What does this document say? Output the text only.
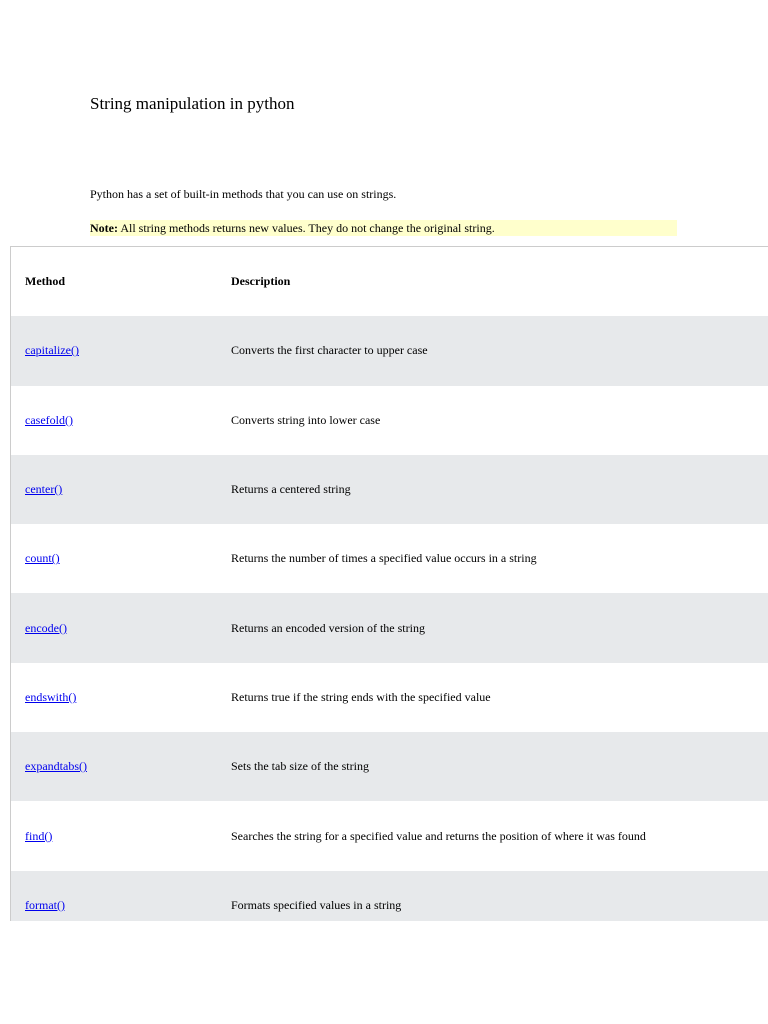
String manipulation in python

Python has a set of built-in methods that you can use on strings.

Note: All string methods returns new values. They do not change the original string.
Method	Description
capitalize()	Converts the first character to upper case
casefold()	Converts string into lower case
center()	Returns a centered string
count()	Returns the number of times a specified value occurs in a string
encode()	Returns an encoded version of the string
endswith()	Returns true if the string ends with the specified value
expandtabs()	Sets the tab size of the string
find()	Searches the string for a specified value and returns the position of where it was found
format()	Formats specified values in a string
